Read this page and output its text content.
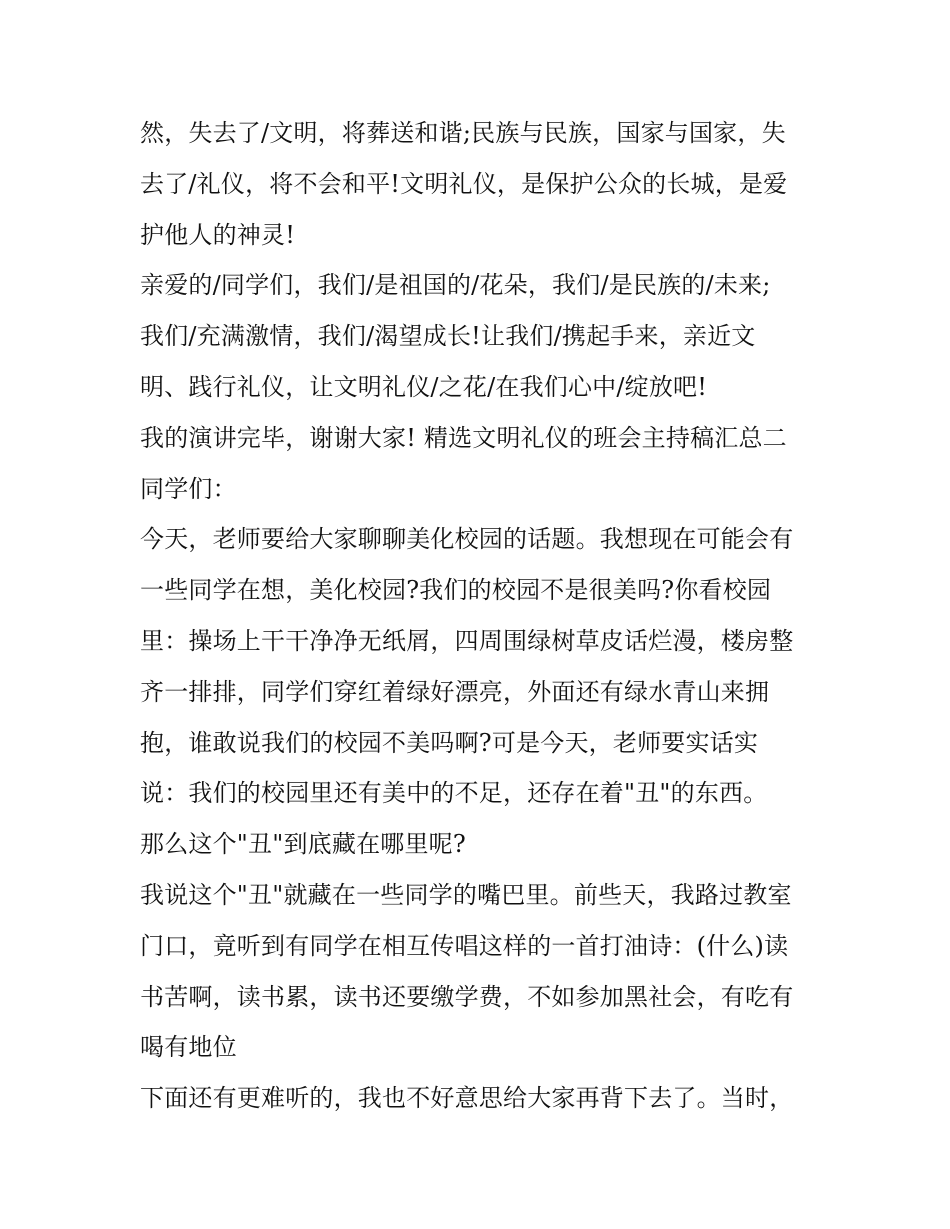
然，失去了/文明，将葬送和谐;民族与民族，国家与国家，失
去了/礼仪，将不会和平!文明礼仪，是保护公众的长城，是爱
护他人的神灵!
亲爱的/同学们，我们/是祖国的/花朵，我们/是民族的/未来;
我们/充满激情，我们/渴望成长!让我们/携起手来，亲近文
明、践行礼仪，让文明礼仪/之花/在我们心中/绽放吧!
我的演讲完毕，谢谢大家! 精选文明礼仪的班会主持稿汇总二
同学们：
今天，老师要给大家聊聊美化校园的话题。我想现在可能会有
一些同学在想，美化校园?我们的校园不是很美吗?你看校园
里：操场上干干净净无纸屑，四周围绿树草皮话烂漫，楼房整
齐一排排，同学们穿红着绿好漂亮，外面还有绿水青山来拥
抱，谁敢说我们的校园不美吗啊?可是今天，老师要实话实
说：我们的校园里还有美中的不足，还存在着"丑"的东西。
那么这个"丑"到底藏在哪里呢?
我说这个"丑"就藏在一些同学的嘴巴里。前些天，我路过教室
门口，竟听到有同学在相互传唱这样的一首打油诗：(什么)读
书苦啊，读书累，读书还要缴学费，不如参加黑社会，有吃有
喝有地位
下面还有更难听的，我也不好意思给大家再背下去了。当时，
